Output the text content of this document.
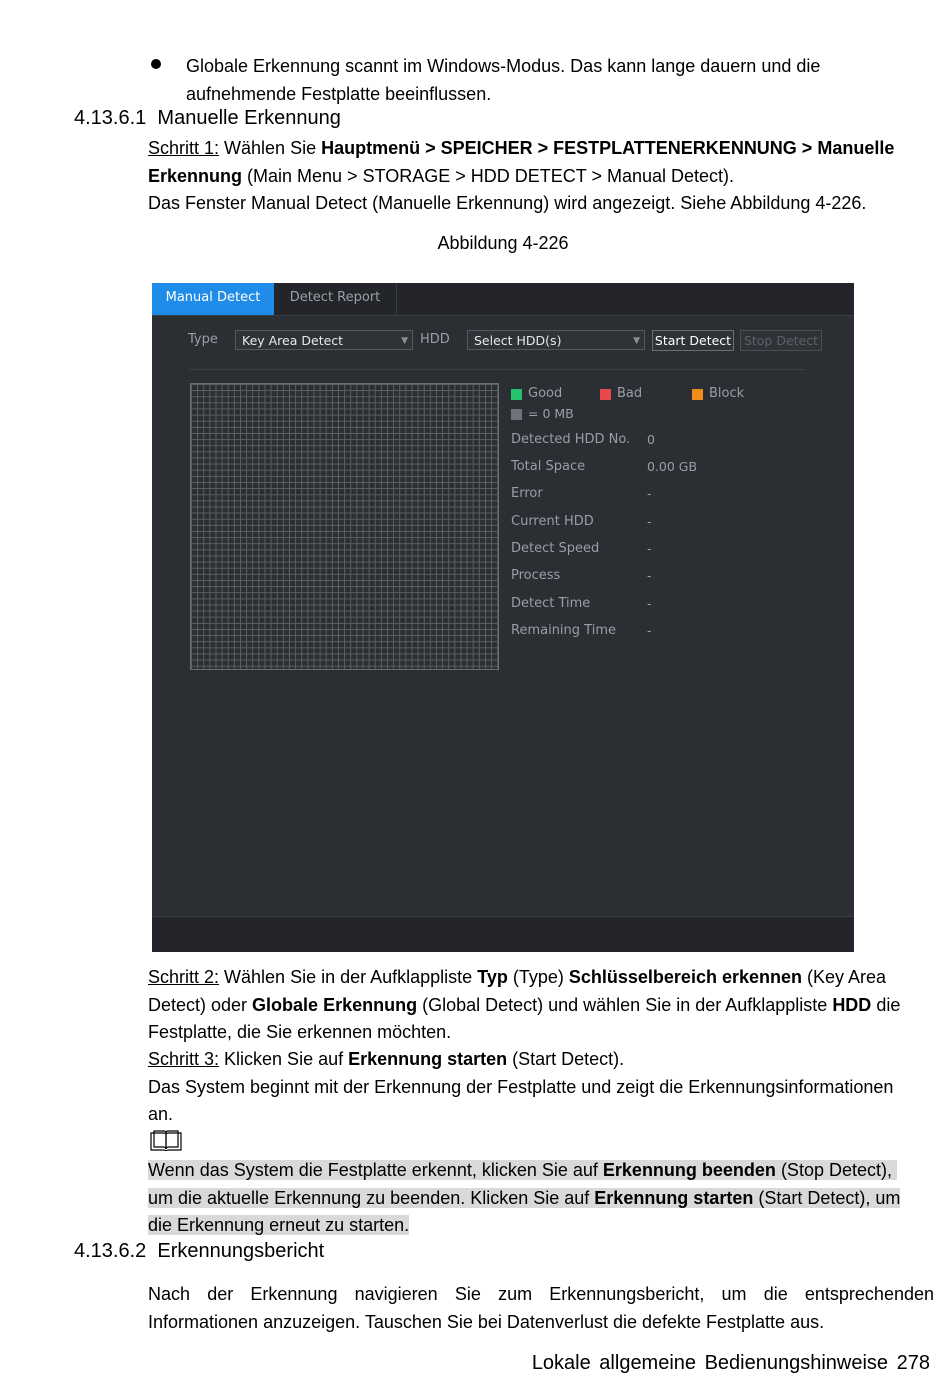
Globale Erkennung scannt im Windows-Modus. Das kann lange dauern und die
aufnehmende Festplatte beeinflussen.
4.13.6.1 Manuelle Erkennung
Schritt 1: Wählen Sie Hauptmenü > SPEICHER > FESTPLATTENERKENNUNG > Manuelle
Erkennung (Main Menu > STORAGE > HDD DETECT > Manual Detect).
Das Fenster Manual Detect (Manuelle Erkennung) wird angezeigt. Siehe Abbildung 4-226.
Abbildung 4-226
Manual Detect	Detect Report
Type	Key Area Detect	▼ HDD	Select HDD(s)	▼ Start Detect	Stop Detect
Good	Bad	Block
= 0 MB
Detected HDD No. 0
Total Space	0.00 GB
Error	-
Current HDD	-
Detect Speed	-
Process	-
Detect Time	-
Remaining Time -
Schritt 2: Wählen Sie in der Aufklappliste Typ (Type) Schlüsselbereich erkennen (Key Area
Detect) oder Globale Erkennung (Global Detect) und wählen Sie in der Aufklappliste HDD die
Festplatte, die Sie erkennen möchten.
Schritt 3: Klicken Sie auf Erkennung starten (Start Detect).
Das System beginnt mit der Erkennung der Festplatte und zeigt die Erkennungsinformationen
an.
Wenn das System die Festplatte erkennt, klicken Sie auf Erkennung beenden (Stop Detect),
um die aktuelle Erkennung zu beenden. Klicken Sie auf Erkennung starten (Start Detect), um
die Erkennung erneut zu starten.
4.13.6.2 Erkennungsbericht
Nach der Erkennung navigieren Sie zum Erkennungsbericht, um die entsprechenden
Informationen anzuzeigen. Tauschen Sie bei Datenverlust die defekte Festplatte aus.
Lokale allgemeine Bedienungshinweise 278
